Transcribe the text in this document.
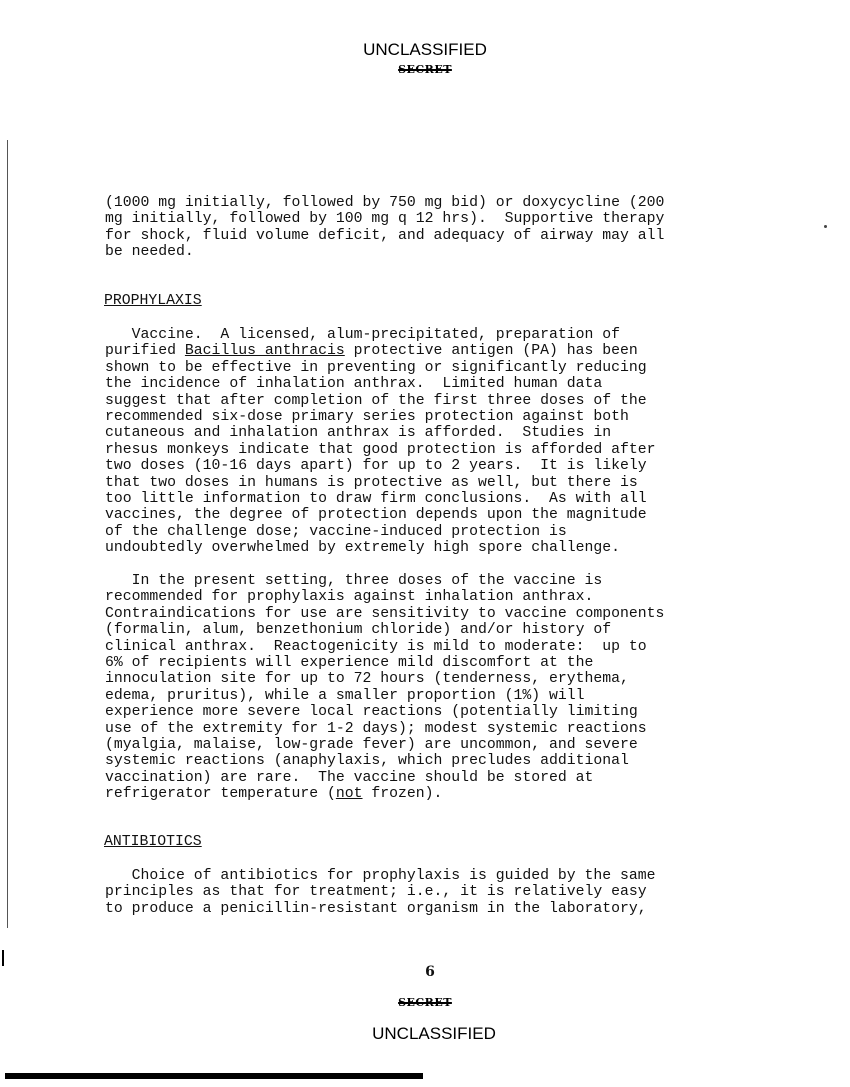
UNCLASSIFIED
SECRET
(1000 mg initially, followed by 750 mg bid) or doxycycline (200
mg initially, followed by 100 mg q 12 hrs).  Supportive therapy
for shock, fluid volume deficit, and adequacy of airway may all
be needed.
PROPHYLAXIS
Vaccine.  A licensed, alum-precipitated, preparation of
purified Bacillus anthracis protective antigen (PA) has been
shown to be effective in preventing or significantly reducing
the incidence of inhalation anthrax.  Limited human data
suggest that after completion of the first three doses of the
recommended six-dose primary series protection against both
cutaneous and inhalation anthrax is afforded.  Studies in
rhesus monkeys indicate that good protection is afforded after
two doses (10-16 days apart) for up to 2 years.  It is likely
that two doses in humans is protective as well, but there is
too little information to draw firm conclusions.  As with all
vaccines, the degree of protection depends upon the magnitude
of the challenge dose; vaccine-induced protection is
undoubtedly overwhelmed by extremely high spore challenge.
In the present setting, three doses of the vaccine is
recommended for prophylaxis against inhalation anthrax.
Contraindications for use are sensitivity to vaccine components
(formalin, alum, benzethonium chloride) and/or history of
clinical anthrax.  Reactogenicity is mild to moderate:  up to
6% of recipients will experience mild discomfort at the
innoculation site for up to 72 hours (tenderness, erythema,
edema, pruritus), while a smaller proportion (1%) will
experience more severe local reactions (potentially limiting
use of the extremity for 1-2 days); modest systemic reactions
(myalgia, malaise, low-grade fever) are uncommon, and severe
systemic reactions (anaphylaxis, which precludes additional
vaccination) are rare.  The vaccine should be stored at
refrigerator temperature (not frozen).
ANTIBIOTICS
Choice of antibiotics for prophylaxis is guided by the same
principles as that for treatment; i.e., it is relatively easy
to produce a penicillin-resistant organism in the laboratory,
6
SECRET
UNCLASSIFIED
